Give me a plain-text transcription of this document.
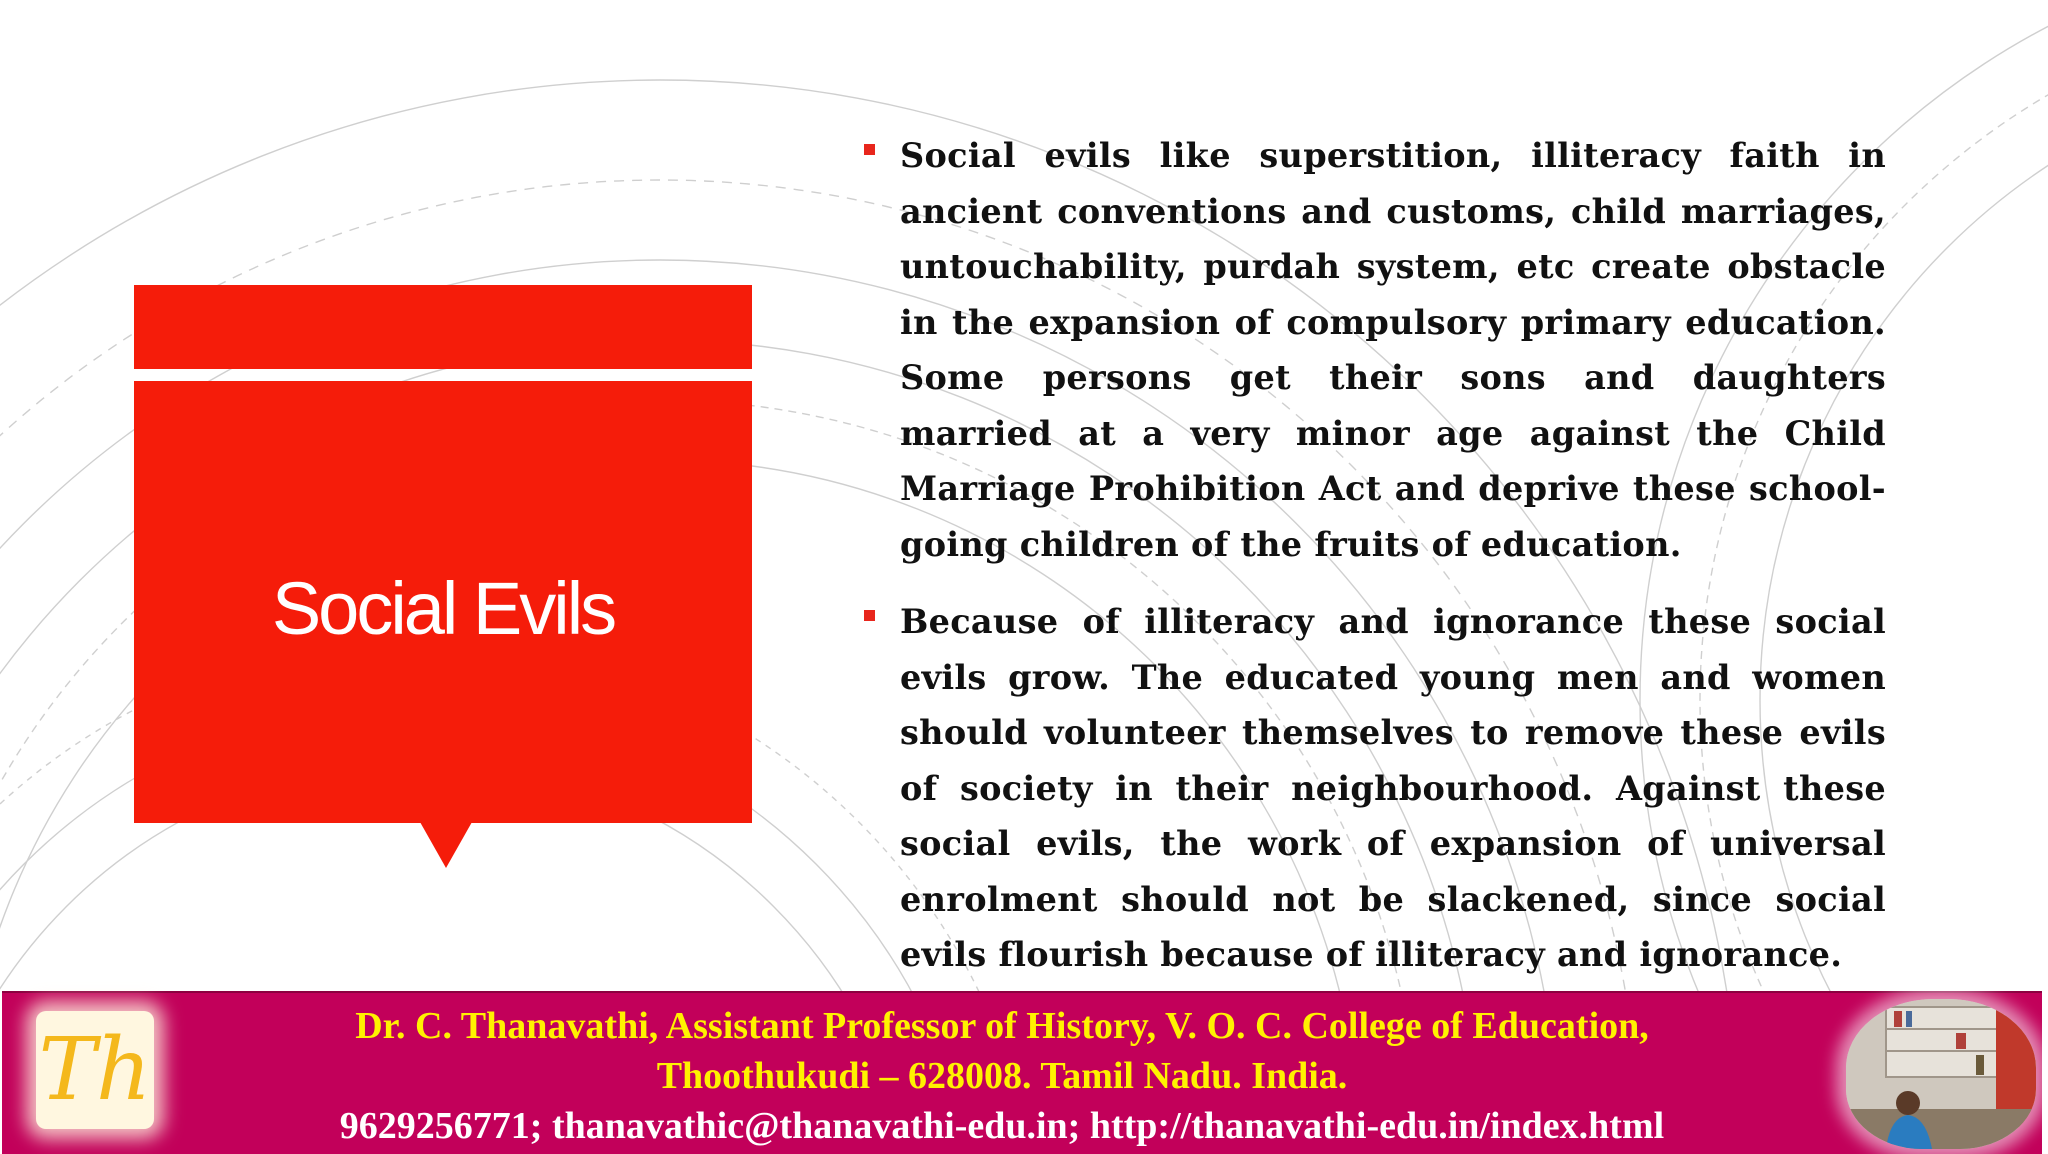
Social Evils
Social evils like superstition, illiteracy faith in ancient conventions and customs, child marriages, untouchability, purdah system, etc create obstacle in the expansion of compulsory primary education. Some persons get their sons and daughters married at a very minor age against the Child Marriage Prohibition Act and deprive these school-going children of the fruits of education.
Because of illiteracy and ignorance these social evils grow. The educated young men and women should volunteer themselves to remove these evils of society in their neighbourhood. Against these social evils, the work of expansion of universal enrolment should not be slackened, since social evils flourish because of illiteracy and ignorance.
Th	Dr. C. Thanavathi, Assistant Professor of History, V. O. C. College of Education,
Thoothukudi – 628008. Tamil Nadu. India.
9629256771; thanavathic@thanavathi-edu.in; http://thanavathi-edu.in/index.html
